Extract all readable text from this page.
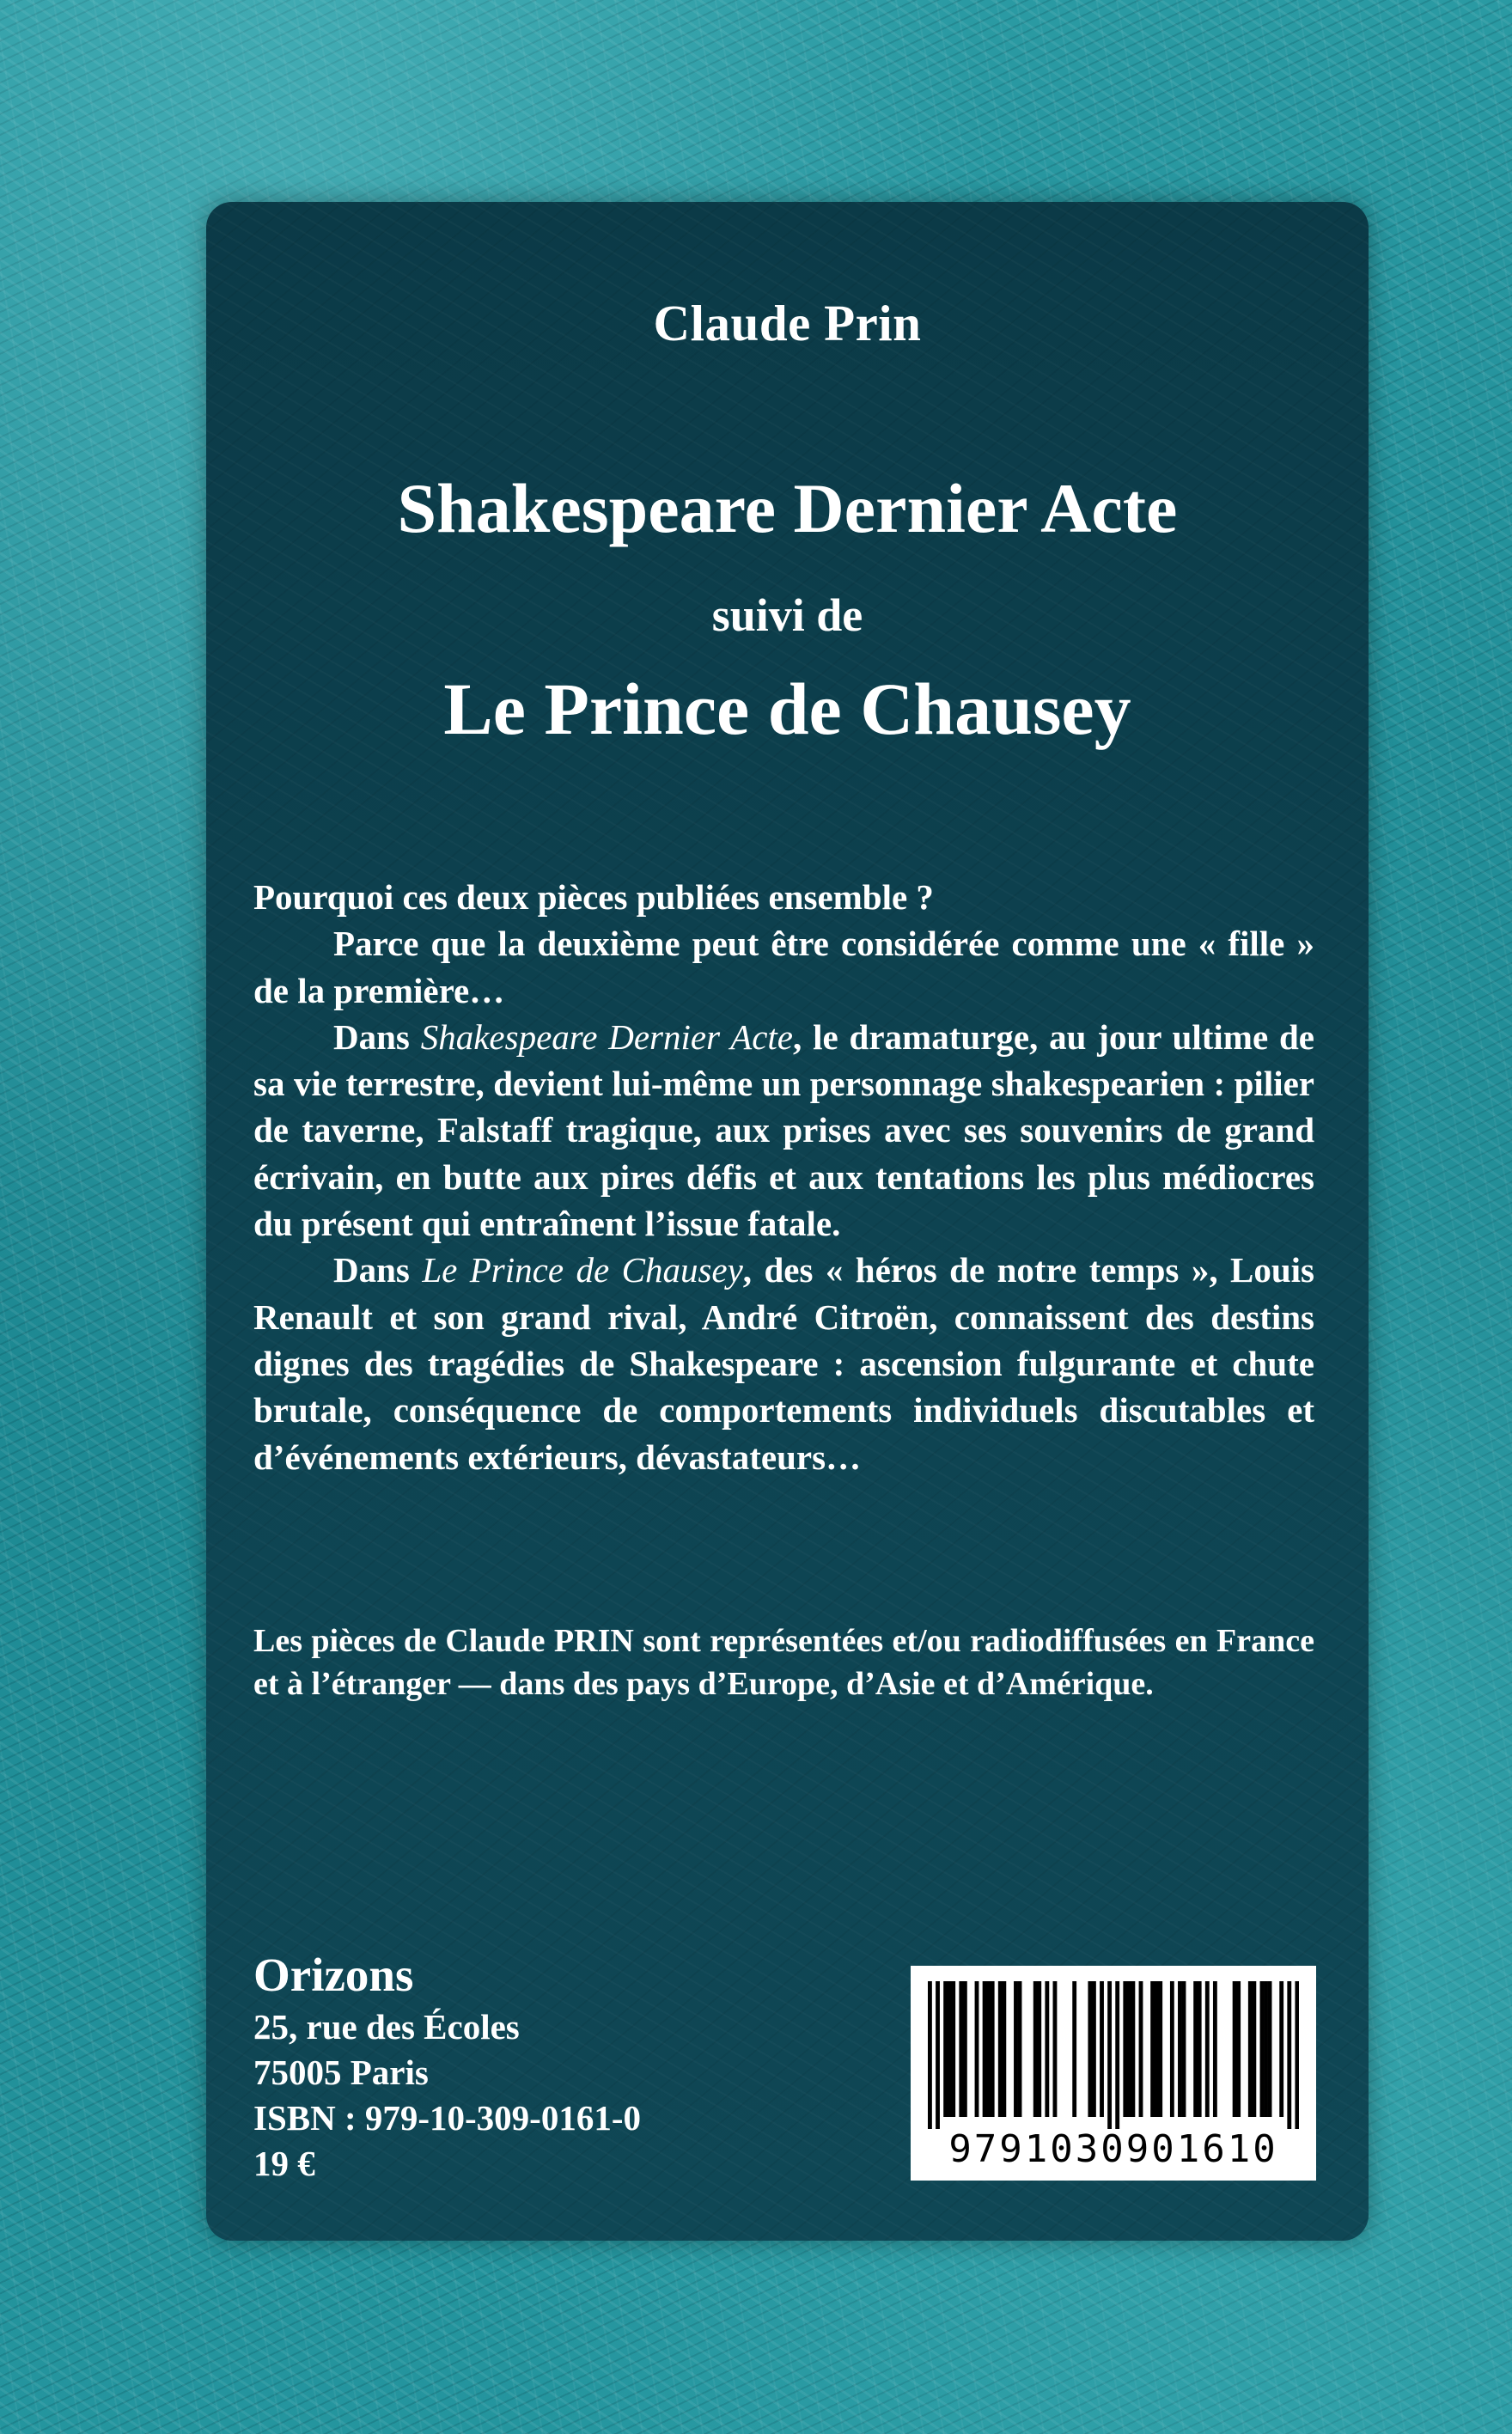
Claude Prin
Shakespeare Dernier Acte
suivi de
Le Prince de Chausey

Pourquoi ces deux pièces publiées ensemble ?

Parce que la deuxième peut être considérée comme une « fille » de la première…

Dans Shakespeare Dernier Acte, le dramaturge, au jour ultime de sa vie terrestre, devient lui-même un personnage shakespearien : pilier de taverne, Falstaff tragique, aux prises avec ses souvenirs de grand écrivain, en butte aux pires défis et aux tentations les plus médiocres du présent qui entraînent l’issue fatale.

Dans Le Prince de Chausey, des « héros de notre temps », Louis Renault et son grand rival, André Citroën, connaissent des destins dignes des tragédies de Shakespeare : ascension fulgurante et chute brutale, conséquence de comportements individuels discutables et d’événements extérieurs, dévastateurs…

Les pièces de Claude PRIN sont représentées et/ou radiodiffusées en France et à l’étranger — dans des pays d’Europe, d’Asie et d’Amérique.
Orizons
25, rue des Écoles
75005 Paris
ISBN : 979-10-309-0161-0
19 €	9791030901610
